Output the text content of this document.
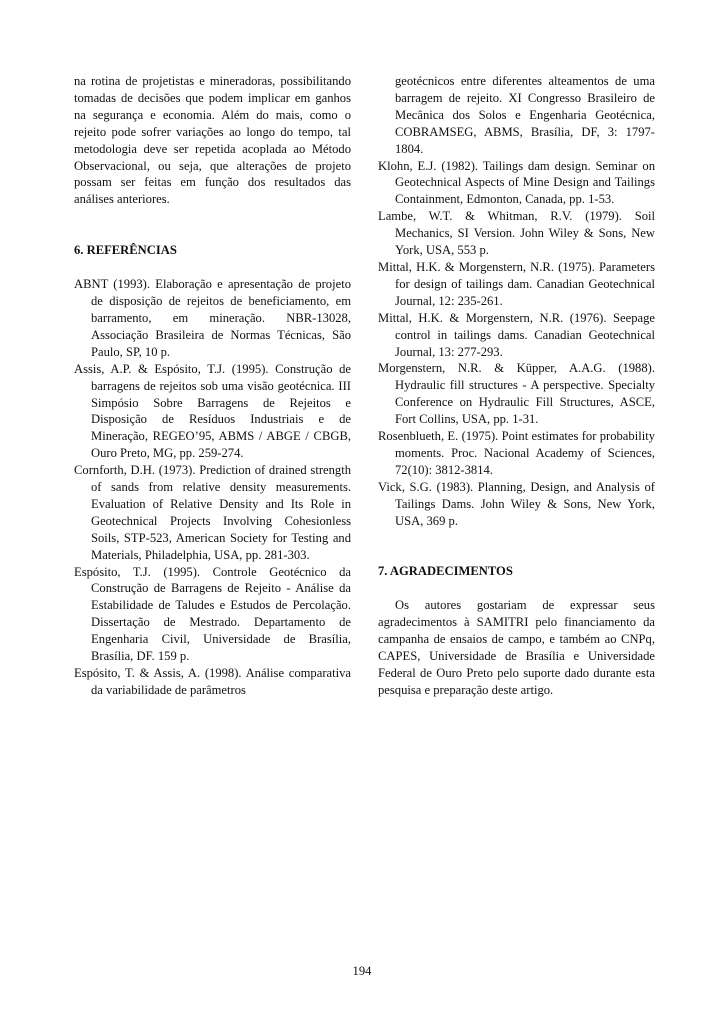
na rotina de projetistas e mineradoras, possibilitando tomadas de decisões que podem implicar em ganhos na segurança e economia. Além do mais, como o rejeito pode sofrer variações ao longo do tempo, tal metodologia deve ser repetida acoplada ao Método Observacional, ou seja, que alterações de projeto possam ser feitas em função dos resultados das análises anteriores.

6. REFERÊNCIAS

ABNT (1993). Elaboração e apresentação de projeto de disposição de rejeitos de beneficiamento, em barramento, em mineração. NBR-13028, Associação Brasileira de Normas Técnicas, São Paulo, SP, 10 p.

Assis, A.P. & Espósito, T.J. (1995). Construção de barragens de rejeitos sob uma visão geotécnica. III Simpósio Sobre Barragens de Rejeitos e Disposição de Resíduos Industriais e de Mineração, REGEO’95, ABMS / ABGE / CBGB, Ouro Preto, MG, pp. 259-274.

Cornforth, D.H. (1973). Prediction of drained strength of sands from relative density measurements. Evaluation of Relative Density and Its Role in Geotechnical Projects Involving Cohesionless Soils, STP-523, American Society for Testing and Materials, Philadelphia, USA, pp. 281-303.

Espósito, T.J. (1995). Controle Geotécnico da Construção de Barragens de Rejeito - Análise da Estabilidade de Taludes e Estudos de Percolação. Dissertação de Mestrado. Departamento de Engenharia Civil, Universidade de Brasília, Brasília, DF. 159 p.

Espósito, T. & Assis, A. (1998). Análise comparativa da variabilidade de parâmetros

geotécnicos entre diferentes alteamentos de uma barragem de rejeito. XI Congresso Brasileiro de Mecânica dos Solos e Engenharia Geotécnica, COBRAMSEG, ABMS, Brasília, DF, 3: 1797-1804.

Klohn, E.J. (1982). Tailings dam design. Seminar on Geotechnical Aspects of Mine Design and Tailings Containment, Edmonton, Canada, pp. 1-53.

Lambe, W.T. & Whitman, R.V. (1979). Soil Mechanics, SI Version. John Wiley & Sons, New York, USA, 553 p.

Mittal, H.K. & Morgenstern, N.R. (1975). Parameters for design of tailings dam. Canadian Geotechnical Journal, 12: 235-261.

Mittal, H.K. & Morgenstern, N.R. (1976). Seepage control in tailings dams. Canadian Geotechnical Journal, 13: 277-293.

Morgenstern, N.R. & Küpper, A.A.G. (1988). Hydraulic fill structures - A perspective. Specialty Conference on Hydraulic Fill Structures, ASCE, Fort Collins, USA, pp. 1-31.

Rosenblueth, E. (1975). Point estimates for probability moments. Proc. Nacional Academy of Sciences, 72(10): 3812-3814.

Vick, S.G. (1983). Planning, Design, and Analysis of Tailings Dams. John Wiley & Sons, New York, USA, 369 p.

7. AGRADECIMENTOS

Os autores gostariam de expressar seus agradecimentos à SAMITRI pelo financiamento da campanha de ensaios de campo, e também ao CNPq, CAPES, Universidade de Brasília e Universidade Federal de Ouro Preto pelo suporte dado durante esta pesquisa e preparação deste artigo.

194
